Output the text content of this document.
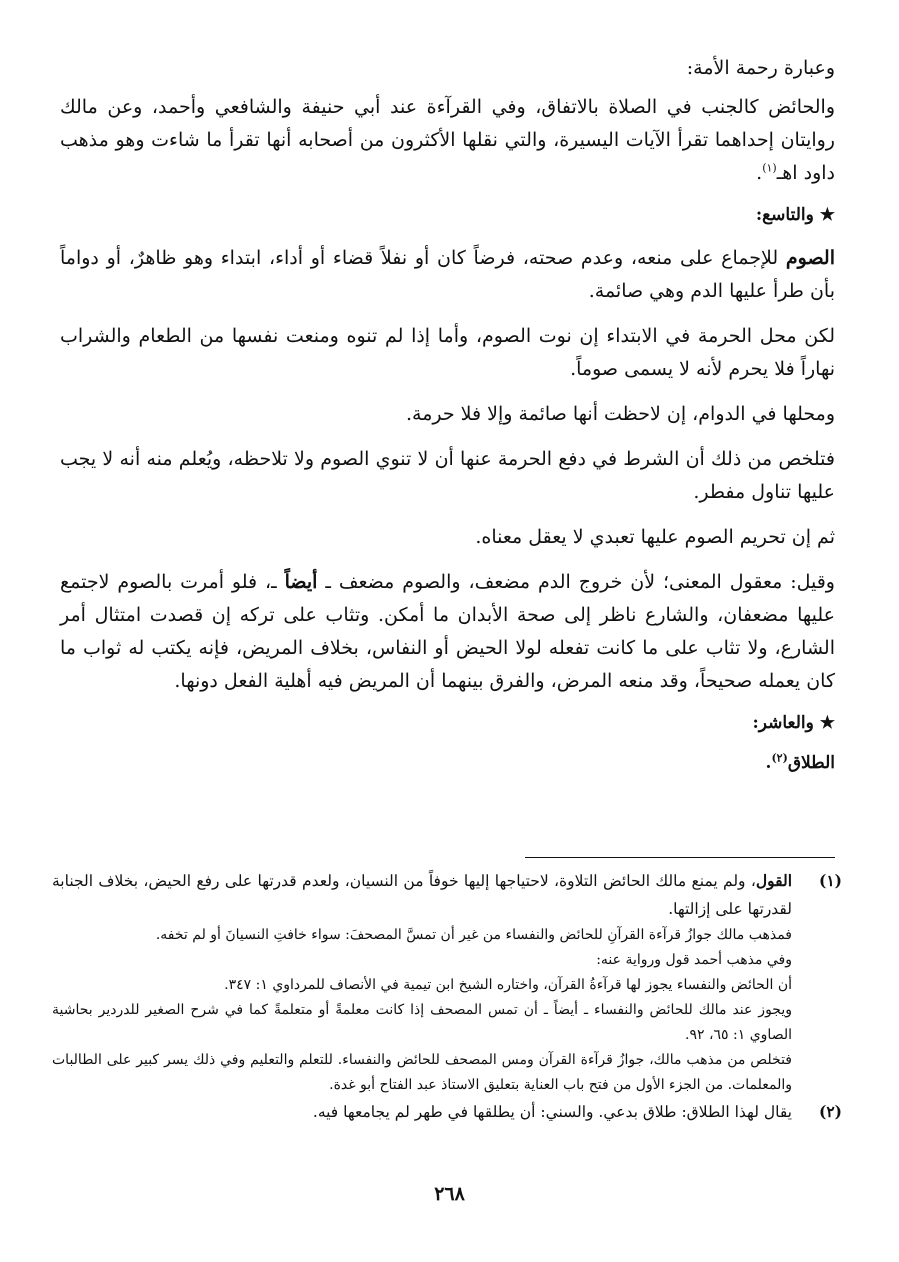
وعبارة رحمة الأمة:

والحائض كالجنب في الصلاة بالاتفاق، وفي القرآءة عند أبي حنيفة والشافعي وأحمد، وعن مالك روايتان إحداهما تقرأ الآيات اليسيرة، والتي نقلها الأكثرون من أصحابه أنها تقرأ ما شاءت وهو مذهب داود اهـ$^{(١)}$.

★ والتاسع:

الصوم للإجماع على منعه، وعدم صحته، فرضاً كان أو نفلاً قضاء أو أداء، ابتداء وهو ظاهرٌ، أو دواماً بأن طرأ عليها الدم وهي صائمة.

لكن محل الحرمة في الابتداء إن نوت الصوم، وأما إذا لم تنوه ومنعت نفسها من الطعام والشراب نهاراً فلا يحرم لأنه لا يسمى صوماً.

ومحلها في الدوام، إن لاحظت أنها صائمة وإلا فلا حرمة.

فتلخص من ذلك أن الشرط في دفع الحرمة عنها أن لا تنوي الصوم ولا تلاحظه، ويُعلم منه أنه لا يجب عليها تناول مفطر.

ثم إن تحريم الصوم عليها تعبدي لا يعقل معناه.

وقيل: معقول المعنى؛ لأن خروج الدم مضعف، والصوم مضعف ـ أيضاً ـ، فلو أمرت بالصوم لاجتمع عليها مضعفان، والشارع ناظر إلى صحة الأبدان ما أمكن. وتثاب على تركه إن قصدت امتثال أمر الشارع، ولا تثاب على ما كانت تفعله لولا الحيض أو النفاس، بخلاف المريض، فإنه يكتب له ثواب ما كان يعمله صحيحاً، وقد منعه المرض، والفرق بينهما أن المريض فيه أهلية الفعل دونها.

★ والعاشر:
الطلاق$^{(٢)}$.

(١)
القول، ولم يمنع مالك الحائض التلاوة، لاحتياجها إليها خوفاً من النسيان، ولعدم قدرتها على رفع الحيض، بخلاف الجنابة لقدرتها على إزالتها.

فمذهب مالك جوازُ قرآءة القرآنِ للحائض والنفساء من غير أن تمسَّ المصحفَ: سواء خافتِ النسيانَ أو لم تخفه.

وفي مذهب أحمد قول ورواية عنه:

أن الحائض والنفساء يجوز لها قرآءةُ القرآن، واختاره الشيخ ابن تيمية في الأنصاف للمرداوي ١: ٣٤٧.

ويجوز عند مالك للحائض والنفساء ـ أيضاً ـ أن تمس المصحف إذا كانت معلمةً أو متعلمةً كما في شرح الصغير للدردير بحاشية الصاوي ١: ٦٥، ٩٢.

فتخلص من مذهب مالك، جوازُ قرآءة القرآن ومس المصحف للحائض والنفساء. للتعلم والتعليم وفي ذلك يسر كبير على الطالبات والمعلمات. من الجزء الأول من فتح باب العناية بتعليق الاستاذ عبد الفتاح أبو غدة.

(٢)
يقال لهذا الطلاق: طلاق بدعي. والسني: أن يطلقها في طهر لم يجامعها فيه.

٢٦٨
